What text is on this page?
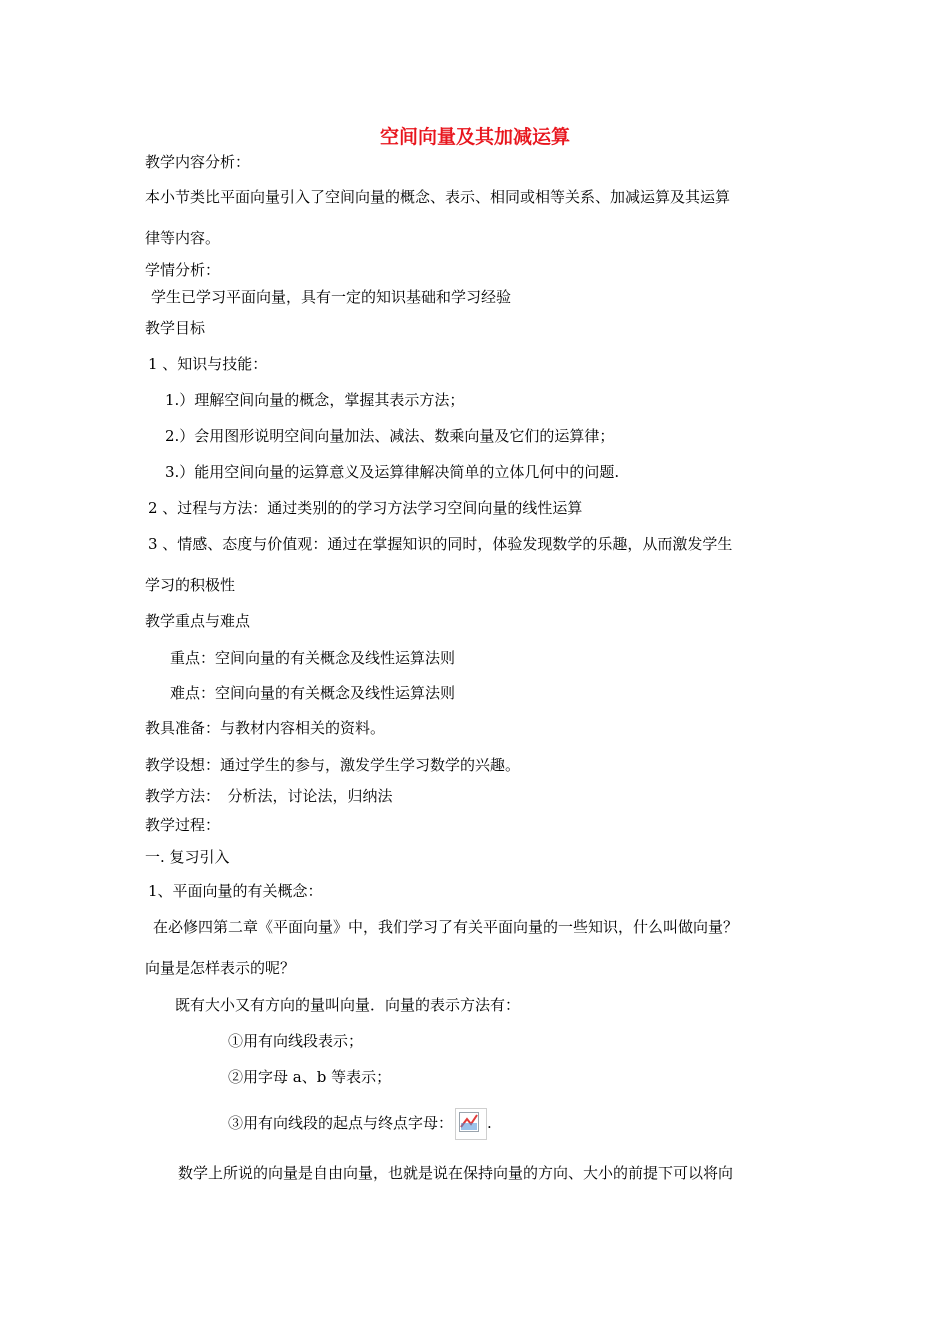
空间向量及其加减运算
教学内容分析：
本小节类比平面向量引入了空间向量的概念、表示、相同或相等关系、加减运算及其运算
律等内容。
学情分析：
学生已学习平面向量，具有一定的知识基础和学习经验
教学目标
1 、知识与技能：
1.）理解空间向量的概念，掌握其表示方法；
2.）会用图形说明空间向量加法、减法、数乘向量及它们的运算律；
3.）能用空间向量的运算意义及运算律解决简单的立体几何中的问题.
2 、过程与方法：通过类别的的学习方法学习空间向量的线性运算
3 、情感、态度与价值观：通过在掌握知识的同时，体验发现数学的乐趣，从而激发学生
学习的积极性
教学重点与难点
重点：空间向量的有关概念及线性运算法则
难点：空间向量的有关概念及线性运算法则
教具准备：与教材内容相关的资料。
教学设想：通过学生的参与，激发学生学习数学的兴趣。
教学方法：　分析法，讨论法，归纳法
教学过程：
一. 复习引入
1、平面向量的有关概念：
在必修四第二章《平面向量》中，我们学习了有关平面向量的一些知识，什么叫做向量？
向量是怎样表示的呢？
既有大小又有方向的量叫向量．向量的表示方法有：
①用有向线段表示；
②用字母 a、b 等表示；
③用有向线段的起点与终点字母： .
数学上所说的向量是自由向量，也就是说在保持向量的方向、大小的前提下可以将向
